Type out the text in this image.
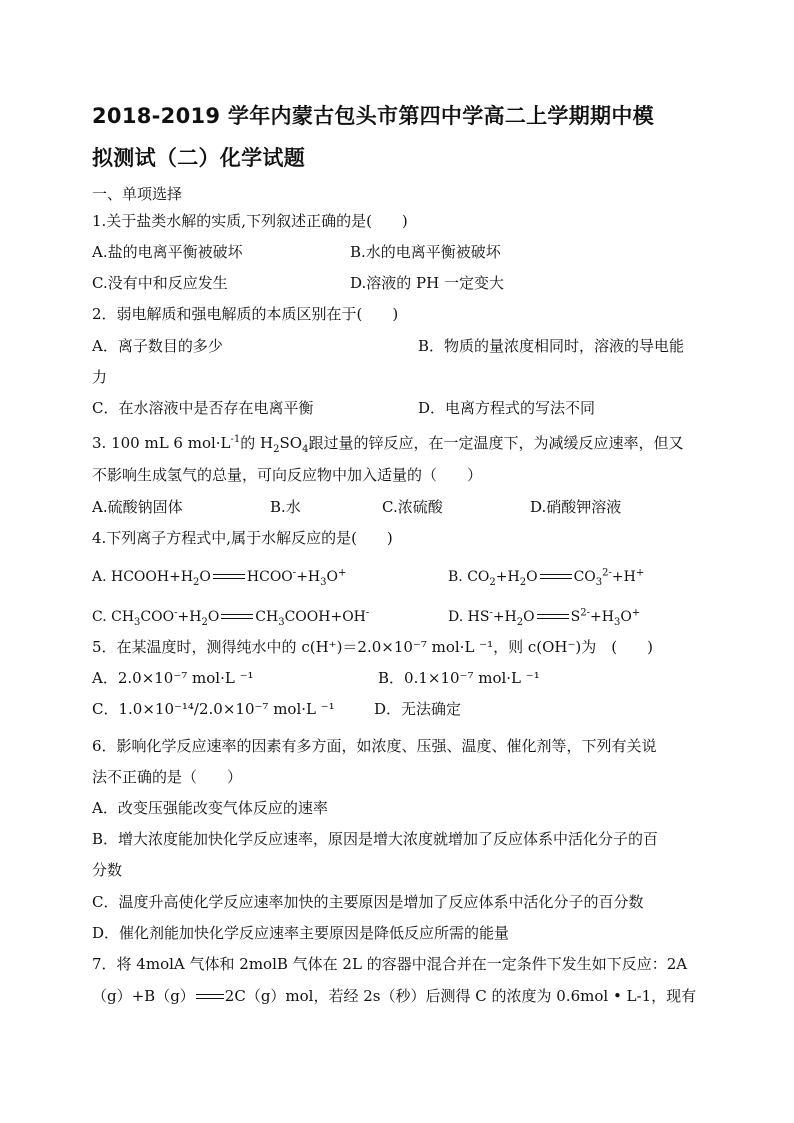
2018-2019 学年内蒙古包头市第四中学高二上学期期中模
拟测试（二）化学试题
一、单项选择
1.关于盐类水解的实质,下列叙述正确的是(　　)
A.盐的电离平衡被破坏	B.水的电离平衡被破坏
C.没有中和反应发生	D.溶液的 PH 一定变大
2．弱电解质和强电解质的本质区别在于(　　)
A．离子数目的多少	B．物质的量浓度相同时，溶液的导电能
力
C．在水溶液中是否存在电离平衡	D．电离方程式的写法不同
3. 100 mL 6 $mol\cdot L^{-1}$的 $H_2SO_4$跟过量的锌反应，在一定温度下，为减缓反应速率，但又
不影响生成氢气的总量，可向反应物中加入适量的（　　）
A.硫酸钠固体	B.水	C.浓硫酸	D.硝酸钾溶液
4.下列离子方程式中,属于水解反应的是(　　)
A. $HCOOH+H_2O$	$HCOO^-+H_3O^+$	B. $CO_2+H_2O$	$CO_3^{2-}+H^+$
C. $CH_3COO^-+H_2O$	$CH_3COOH+OH^-$	D. $HS^-+H_2O$	$S^{2-}+H_3O^+$
5．在某温度时，测得纯水中的 c(H⁺)＝2.0×10⁻⁷ mol·L ⁻¹，则 c(OH⁻)为　(　　)
A．2.0×10⁻⁷ mol·L ⁻¹	B．0.1×10⁻⁷ mol·L ⁻¹
C．1.0×10⁻¹⁴/2.0×10⁻⁷ mol·L ⁻¹	D．无法确定
6．影响化学反应速率的因素有多方面，如浓度、压强、温度、催化剂等，下列有关说
法不正确的是（　　）
A．改变压强能改变气体反应的速率
B．增大浓度能加快化学反应速率，原因是增大浓度就增加了反应体系中活化分子的百
分数
C．温度升高使化学反应速率加快的主要原因是增加了反应体系中活化分子的百分数
D．催化剂能加快化学反应速率主要原因是降低反应所需的能量
7．将 4molA 气体和 2molB 气体在 2L 的容器中混合并在一定条件下发生如下反应：2A
（g）+B（g） 2C（g）mol，若经 2s（秒）后测得 C 的浓度为 0.6mol • L-1，现有
